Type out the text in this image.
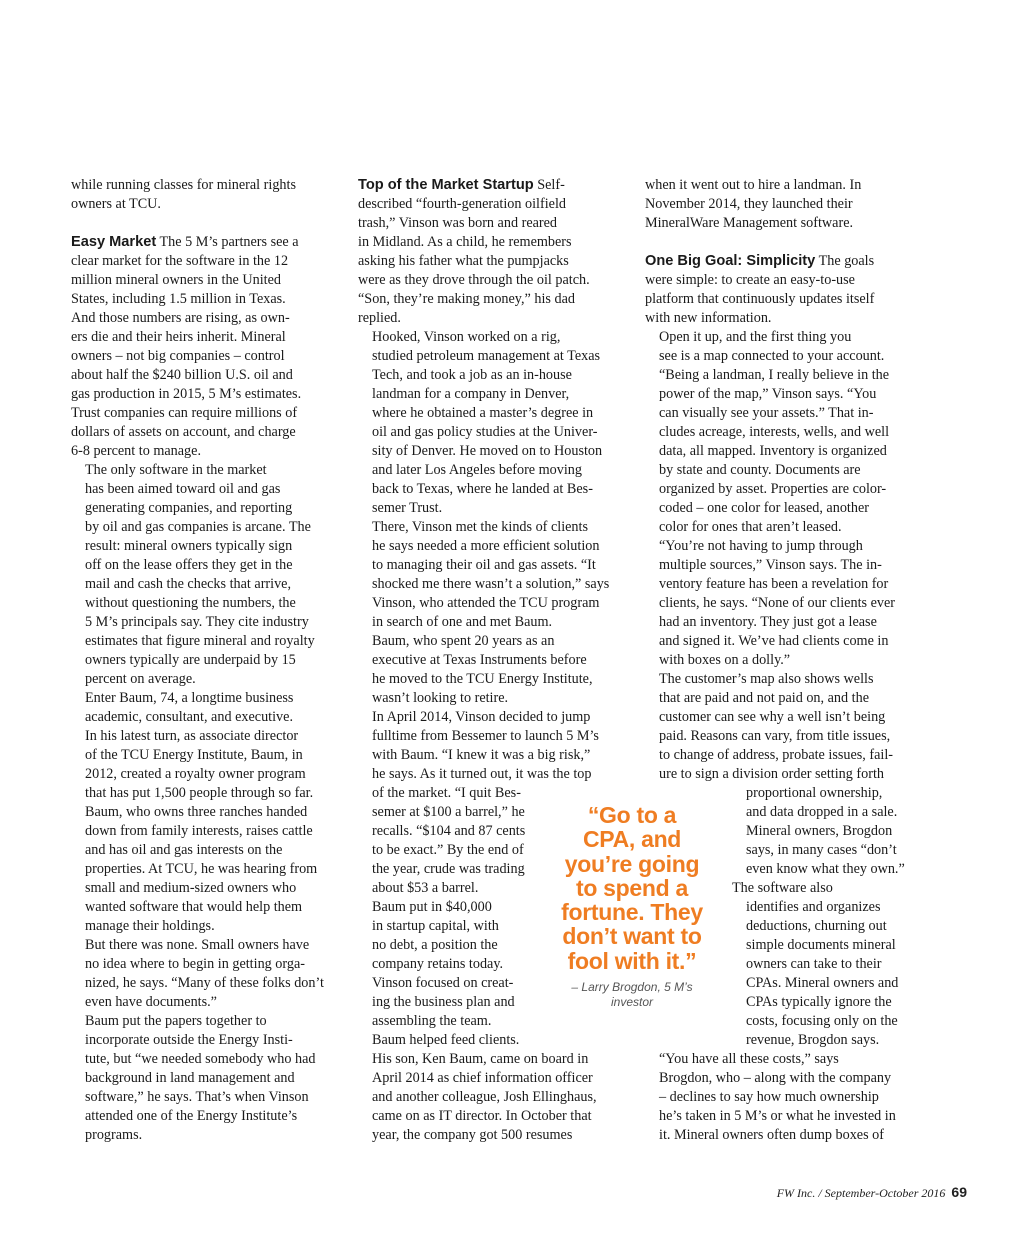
while running classes for mineral rights
owners at TCU.

Easy Market The 5 M’s partners see a
clear market for the software in the 12
million mineral owners in the United
States, including 1.5 million in Texas.
And those numbers are rising, as own-
ers die and their heirs inherit. Mineral
owners – not big companies – control
about half the $240 billion U.S. oil and
gas production in 2015, 5 M’s estimates.
Trust companies can require millions of
dollars of assets on account, and charge
6-8 percent to manage.

The only software in the market
has been aimed toward oil and gas
generating companies, and reporting
by oil and gas companies is arcane. The
result: mineral owners typically sign
off on the lease offers they get in the
mail and cash the checks that arrive,
without questioning the numbers, the
5 M’s principals say. They cite industry
estimates that figure mineral and royalty
owners typically are underpaid by 15
percent on average.

Enter Baum, 74, a longtime business
academic, consultant, and executive.
In his latest turn, as associate director
of the TCU Energy Institute, Baum, in
2012, created a royalty owner program
that has put 1,500 people through so far.
Baum, who owns three ranches handed
down from family interests, raises cattle
and has oil and gas interests on the
properties. At TCU, he was hearing from
small and medium-sized owners who
wanted software that would help them
manage their holdings.

But there was none. Small owners have
no idea where to begin in getting orga-
nized, he says. “Many of these folks don’t
even have documents.”

Baum put the papers together to
incorporate outside the Energy Insti-
tute, but “we needed somebody who had
background in land management and
software,” he says. That’s when Vinson
attended one of the Energy Institute’s
programs.

Top of the Market Startup Self-
described “fourth-generation oilfield
trash,” Vinson was born and reared
in Midland. As a child, he remembers
asking his father what the pumpjacks
were as they drove through the oil patch.
“Son, they’re making money,” his dad
replied.

Hooked, Vinson worked on a rig,
studied petroleum management at Texas
Tech, and took a job as an in-house
landman for a company in Denver,
where he obtained a master’s degree in
oil and gas policy studies at the Univer-
sity of Denver. He moved on to Houston
and later Los Angeles before moving
back to Texas, where he landed at Bes-
semer Trust.

There, Vinson met the kinds of clients
he says needed a more efficient solution
to managing their oil and gas assets. “It
shocked me there wasn’t a solution,” says
Vinson, who attended the TCU program
in search of one and met Baum.

Baum, who spent 20 years as an
executive at Texas Instruments before
he moved to the TCU Energy Institute,
wasn’t looking to retire.

In April 2014, Vinson decided to jump
fulltime from Bessemer to launch 5 M’s
with Baum. “I knew it was a big risk,”
he says. As it turned out, it was the top
of the market. “I quit Bes-
semer at $100 a barrel,” he
recalls. “$104 and 87 cents
to be exact.” By the end of
the year, crude was trading
about $53 a barrel.

Baum put in $40,000
in startup capital, with
no debt, a position the
company retains today.
Vinson focused on creat-
ing the business plan and
assembling the team.
Baum helped feed clients.
His son, Ken Baum, came on board in
April 2014 as chief information officer
and another colleague, Josh Ellinghaus,
came on as IT director. In October that
year, the company got 500 resumes

when it went out to hire a landman. In
November 2014, they launched their
MineralWare Management software.

One Big Goal: Simplicity The goals
were simple: to create an easy-to-use
platform that continuously updates itself
with new information.

Open it up, and the first thing you
see is a map connected to your account.
“Being a landman, I really believe in the
power of the map,” Vinson says. “You
can visually see your assets.” That in-
cludes acreage, interests, wells, and well
data, all mapped. Inventory is organized
by state and county. Documents are
organized by asset. Properties are color-
coded – one color for leased, another
color for ones that aren’t leased.

“You’re not having to jump through
multiple sources,” Vinson says. The in-
ventory feature has been a revelation for
clients, he says. “None of our clients ever
had an inventory. They just got a lease
and signed it. We’ve had clients come in
with boxes on a dolly.”

The customer’s map also shows wells
that are paid and not paid on, and the
customer can see why a well isn’t being
paid. Reasons can vary, from title issues,
to change of address, probate issues, fail-
ure to sign a division order setting forth
proportional ownership,
and data dropped in a sale.
Mineral owners, Brogdon
says, in many cases “don’t
even know what they own.”

The software also
identifies and organizes
deductions, churning out
simple documents mineral
owners can take to their
CPAs. Mineral owners and
CPAs typically ignore the
costs, focusing only on the
revenue, Brogdon says.

“You have all these costs,” says
Brogdon, who – along with the company
– declines to say how much ownership
he’s taken in 5 M’s or what he invested in
it. Mineral owners often dump boxes of

“Go to a
CPA, and
you’re going
to spend a
fortune. They
don’t want to
fool with it.”
– Larry Brogdon, 5 M’s
investor
FW Inc. / September-October 2016 69
